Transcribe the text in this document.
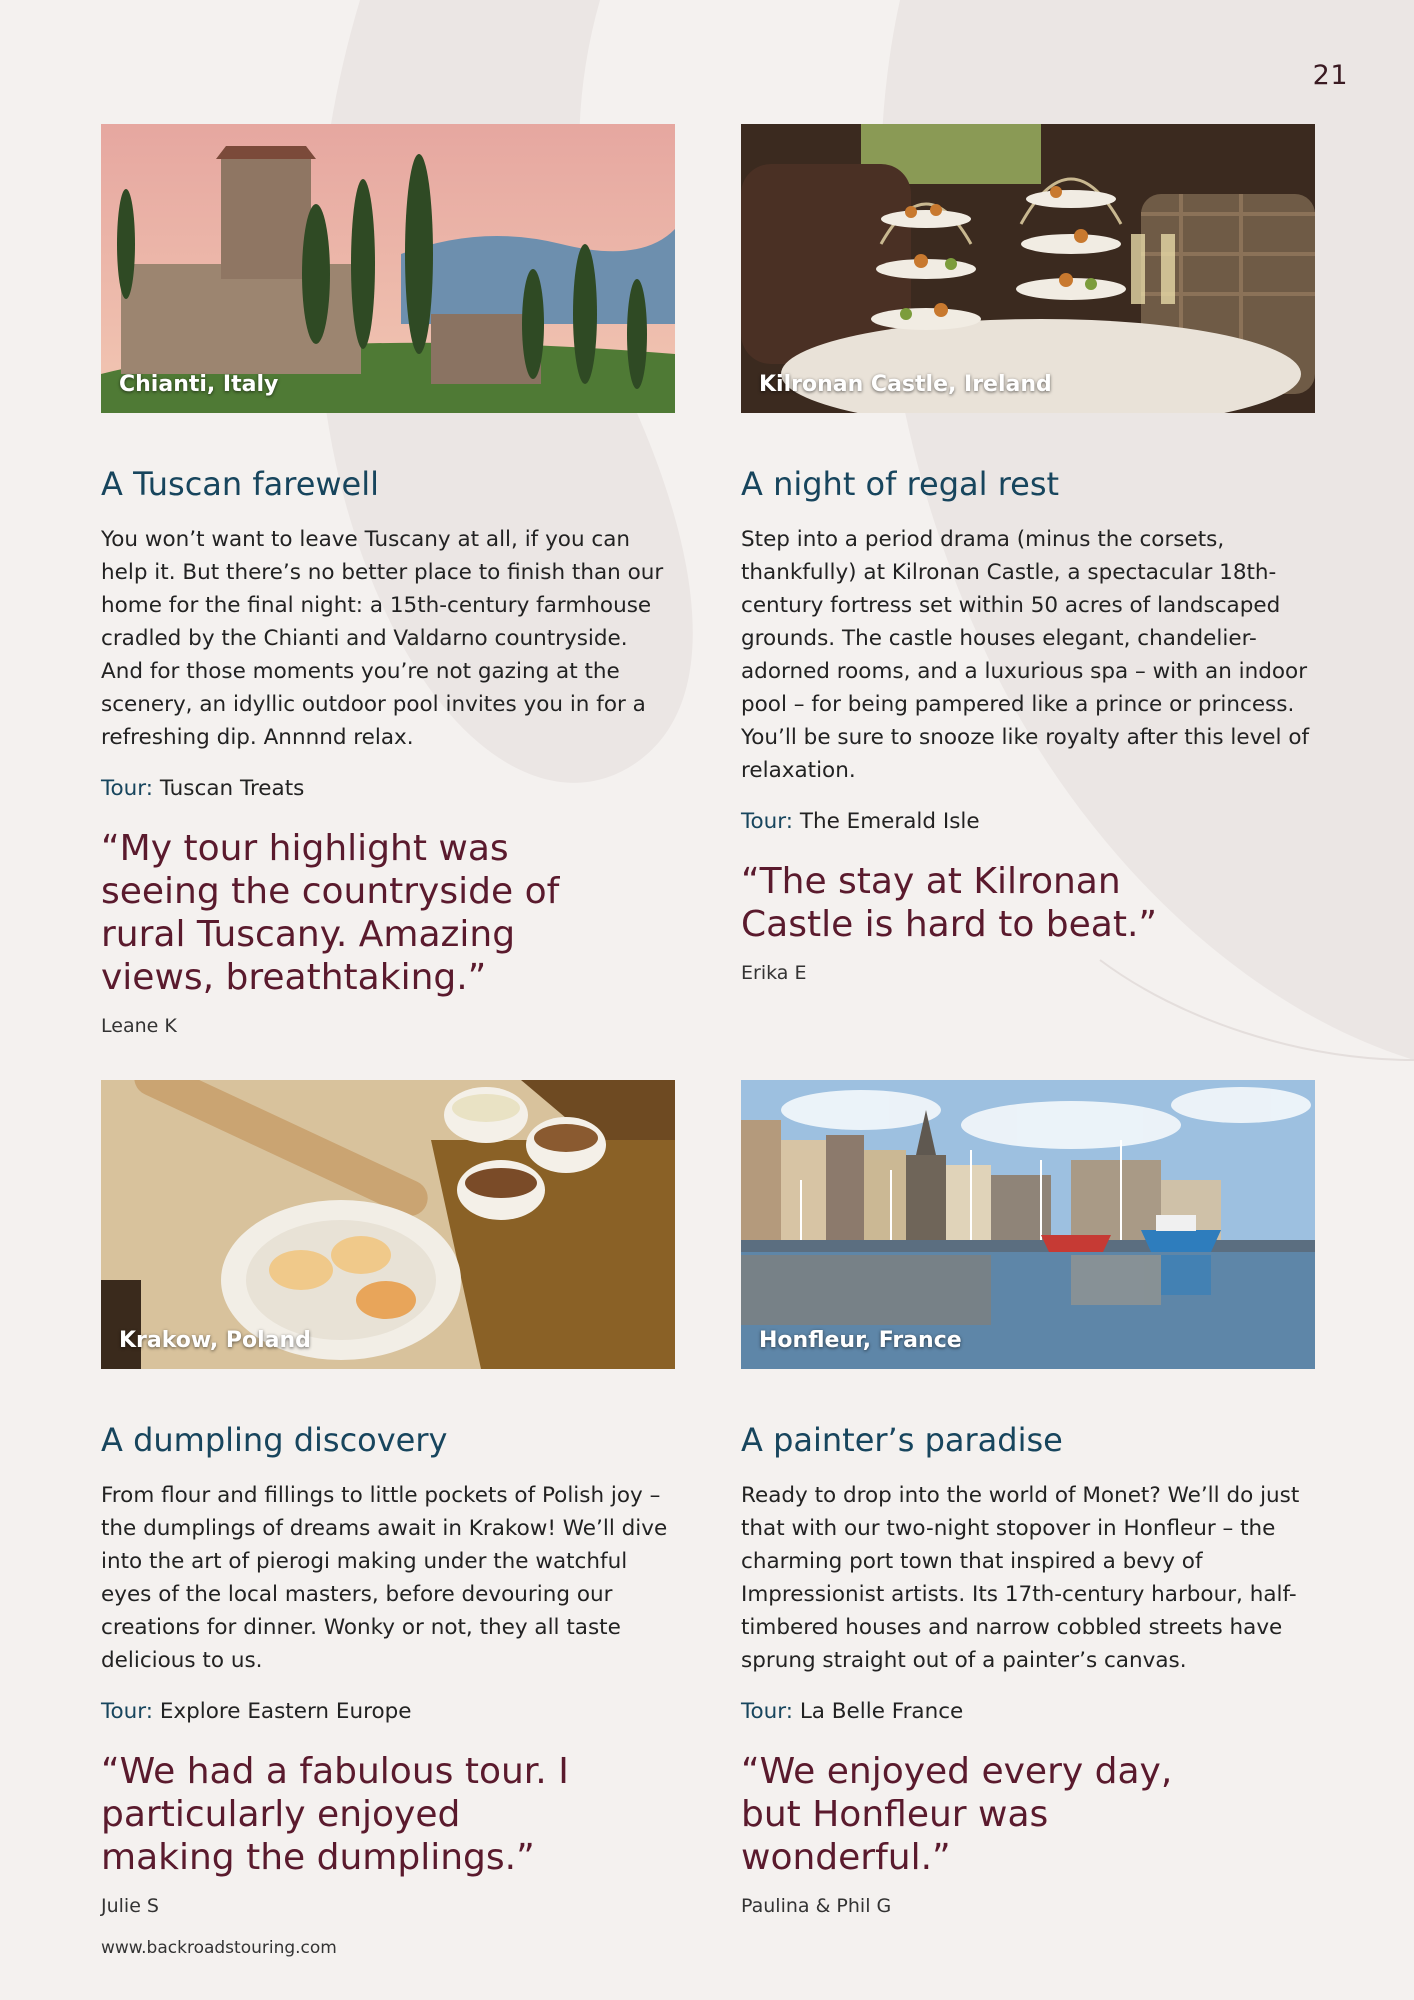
21
Chianti, Italy
A Tuscan farewell

You won’t want to leave Tuscany at all, if you can help it. But there’s no better place to finish than our home for the final night: a 15th-century farmhouse cradled by the Chianti and Valdarno countryside. And for those moments you’re not gazing at the scenery, an idyllic outdoor pool invites you in for a refreshing dip. Annnnd relax.

Tour: Tuscan Treats
“My tour highlight was seeing the countryside of rural Tuscany. Amazing views, breathtaking.”
Leane K
Kilronan Castle, Ireland
A night of regal rest

Step into a period drama (minus the corsets, thankfully) at Kilronan Castle, a spectacular 18th-century fortress set within 50 acres of landscaped grounds. The castle houses elegant, chandelier-adorned rooms, and a luxurious spa – with an indoor pool – for being pampered like a prince or princess. You’ll be sure to snooze like royalty after this level of relaxation.

Tour: The Emerald Isle
“The stay at Kilronan Castle is hard to beat.”
Erika E
Krakow, Poland
A dumpling discovery

From flour and fillings to little pockets of Polish joy – the dumplings of dreams await in Krakow! We’ll dive into the art of pierogi making under the watchful eyes of the local masters, before devouring our creations for dinner. Wonky or not, they all taste delicious to us.

Tour: Explore Eastern Europe
“We had a fabulous tour. I particularly enjoyed making the dumplings.”
Julie S
Honfleur, France
A painter’s paradise

Ready to drop into the world of Monet? We’ll do just that with our two-night stopover in Honfleur – the charming port town that inspired a bevy of Impressionist artists. Its 17th-century harbour, half-timbered houses and narrow cobbled streets have sprung straight out of a painter’s canvas.

Tour: La Belle France
“We enjoyed every day, but Honfleur was wonderful.”
Paulina & Phil G
www.backroadstouring.com
